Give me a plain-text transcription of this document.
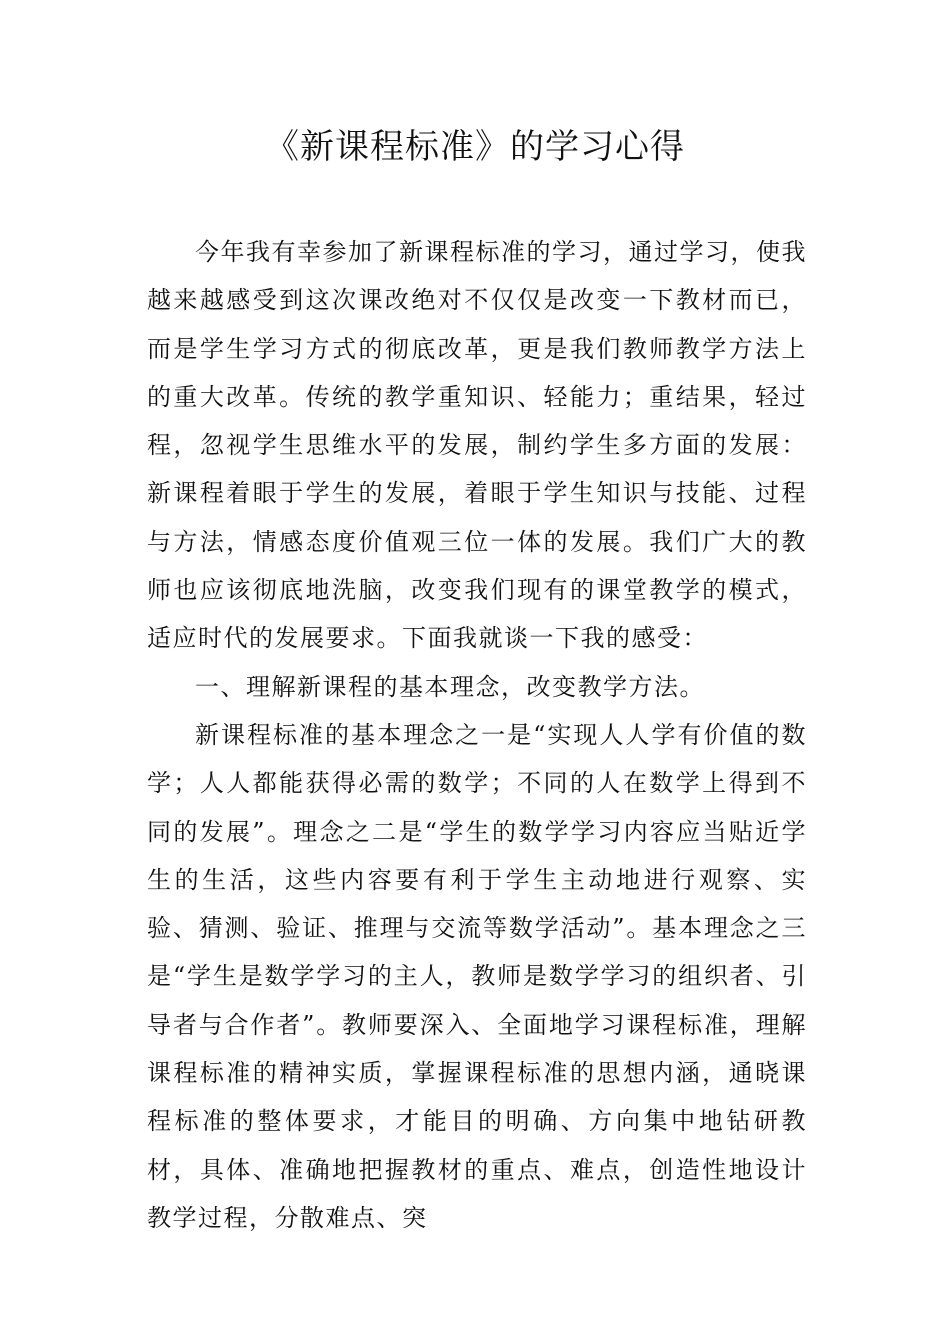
《新课程标准》的学习心得

今年我有幸参加了新课程标准的学习，通过学习，使我越来越感受到这次课改绝对不仅仅是改变一下教材而已，而是学生学习方式的彻底改革，更是我们教师教学方法上的重大改革。传统的教学重知识、轻能力；重结果，轻过程，忽视学生思维水平的发展，制约学生多方面的发展：新课程着眼于学生的发展，着眼于学生知识与技能、过程与方法，情感态度价值观三位一体的发展。我们广大的教师也应该彻底地洗脑，改变我们现有的课堂教学的模式，适应时代的发展要求。下面我就谈一下我的感受：

一、理解新课程的基本理念，改变教学方法。

新课程标准的基本理念之一是“实现人人学有价值的数学；人人都能获得必需的数学；不同的人在数学上得到不同的发展”。理念之二是“学生的数学学习内容应当贴近学生的生活，这些内容要有利于学生主动地进行观察、实验、猜测、验证、推理与交流等数学活动”。基本理念之三是“学生是数学学习的主人，教师是数学学习的组织者、引导者与合作者”。教师要深入、全面地学习课程标准，理解课程标准的精神实质，掌握课程标准的思想内涵，通晓课程标准的整体要求，才能目的明确、方向集中地钻研教材，具体、准确地把握教材的重点、难点，创造性地设计教学过程，分散难点、突
